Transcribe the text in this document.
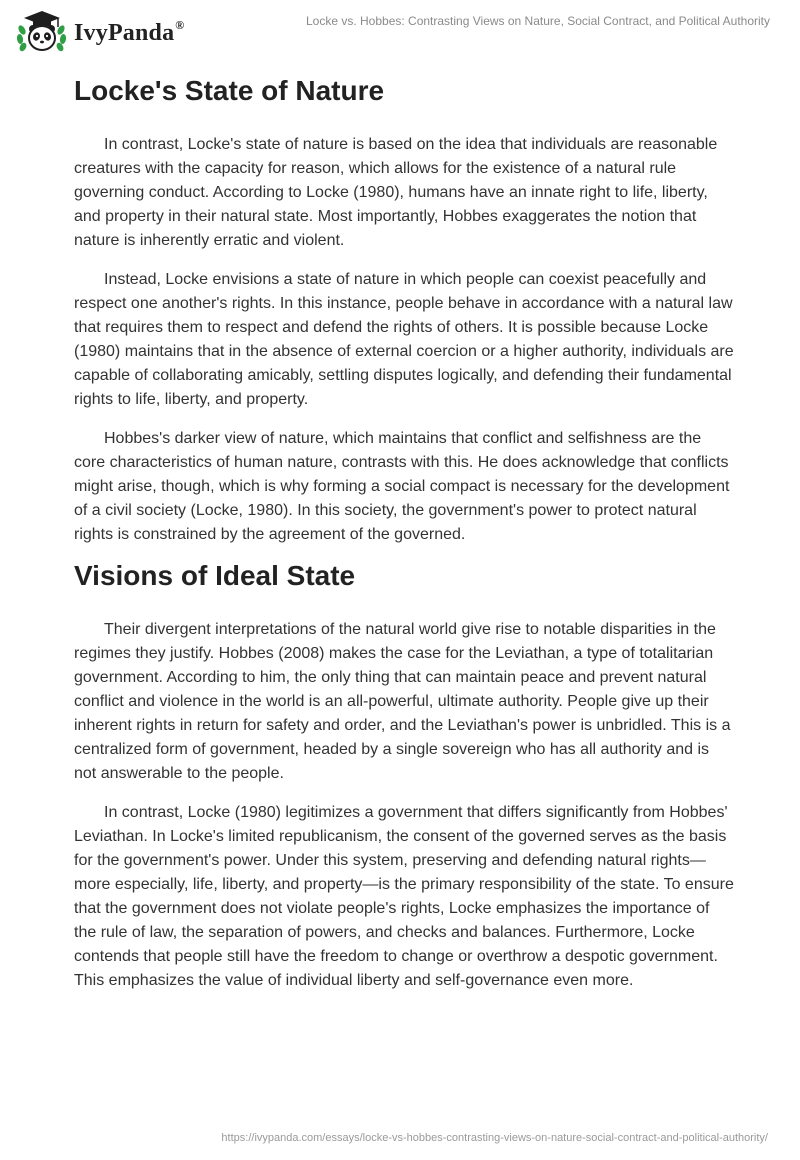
IvyPanda®	Locke vs. Hobbes: Contrasting Views on Nature, Social Contract, and Political Authority
Locke's State of Nature

In contrast, Locke's state of nature is based on the idea that individuals are reasonable creatures with the capacity for reason, which allows for the existence of a natural rule governing conduct. According to Locke (1980), humans have an innate right to life, liberty, and property in their natural state. Most importantly, Hobbes exaggerates the notion that nature is inherently erratic and violent.

Instead, Locke envisions a state of nature in which people can coexist peacefully and respect one another's rights. In this instance, people behave in accordance with a natural law that requires them to respect and defend the rights of others. It is possible because Locke (1980) maintains that in the absence of external coercion or a higher authority, individuals are capable of collaborating amicably, settling disputes logically, and defending their fundamental rights to life, liberty, and property.

Hobbes's darker view of nature, which maintains that conflict and selfishness are the core characteristics of human nature, contrasts with this. He does acknowledge that conflicts might arise, though, which is why forming a social compact is necessary for the development of a civil society (Locke, 1980). In this society, the government's power to protect natural rights is constrained by the agreement of the governed.

Visions of Ideal State

Their divergent interpretations of the natural world give rise to notable disparities in the regimes they justify. Hobbes (2008) makes the case for the Leviathan, a type of totalitarian government. According to him, the only thing that can maintain peace and prevent natural conflict and violence in the world is an all-powerful, ultimate authority. People give up their inherent rights in return for safety and order, and the Leviathan's power is unbridled. This is a centralized form of government, headed by a single sovereign who has all authority and is not answerable to the people.

In contrast, Locke (1980) legitimizes a government that differs significantly from Hobbes' Leviathan. In Locke's limited republicanism, the consent of the governed serves as the basis for the government's power. Under this system, preserving and defending natural rights—more especially, life, liberty, and property—is the primary responsibility of the state. To ensure that the government does not violate people's rights, Locke emphasizes the importance of the rule of law, the separation of powers, and checks and balances. Furthermore, Locke contends that people still have the freedom to change or overthrow a despotic government. This emphasizes the value of individual liberty and self-governance even more.

https://ivypanda.com/essays/locke-vs-hobbes-contrasting-views-on-nature-social-contract-and-political-authority/
